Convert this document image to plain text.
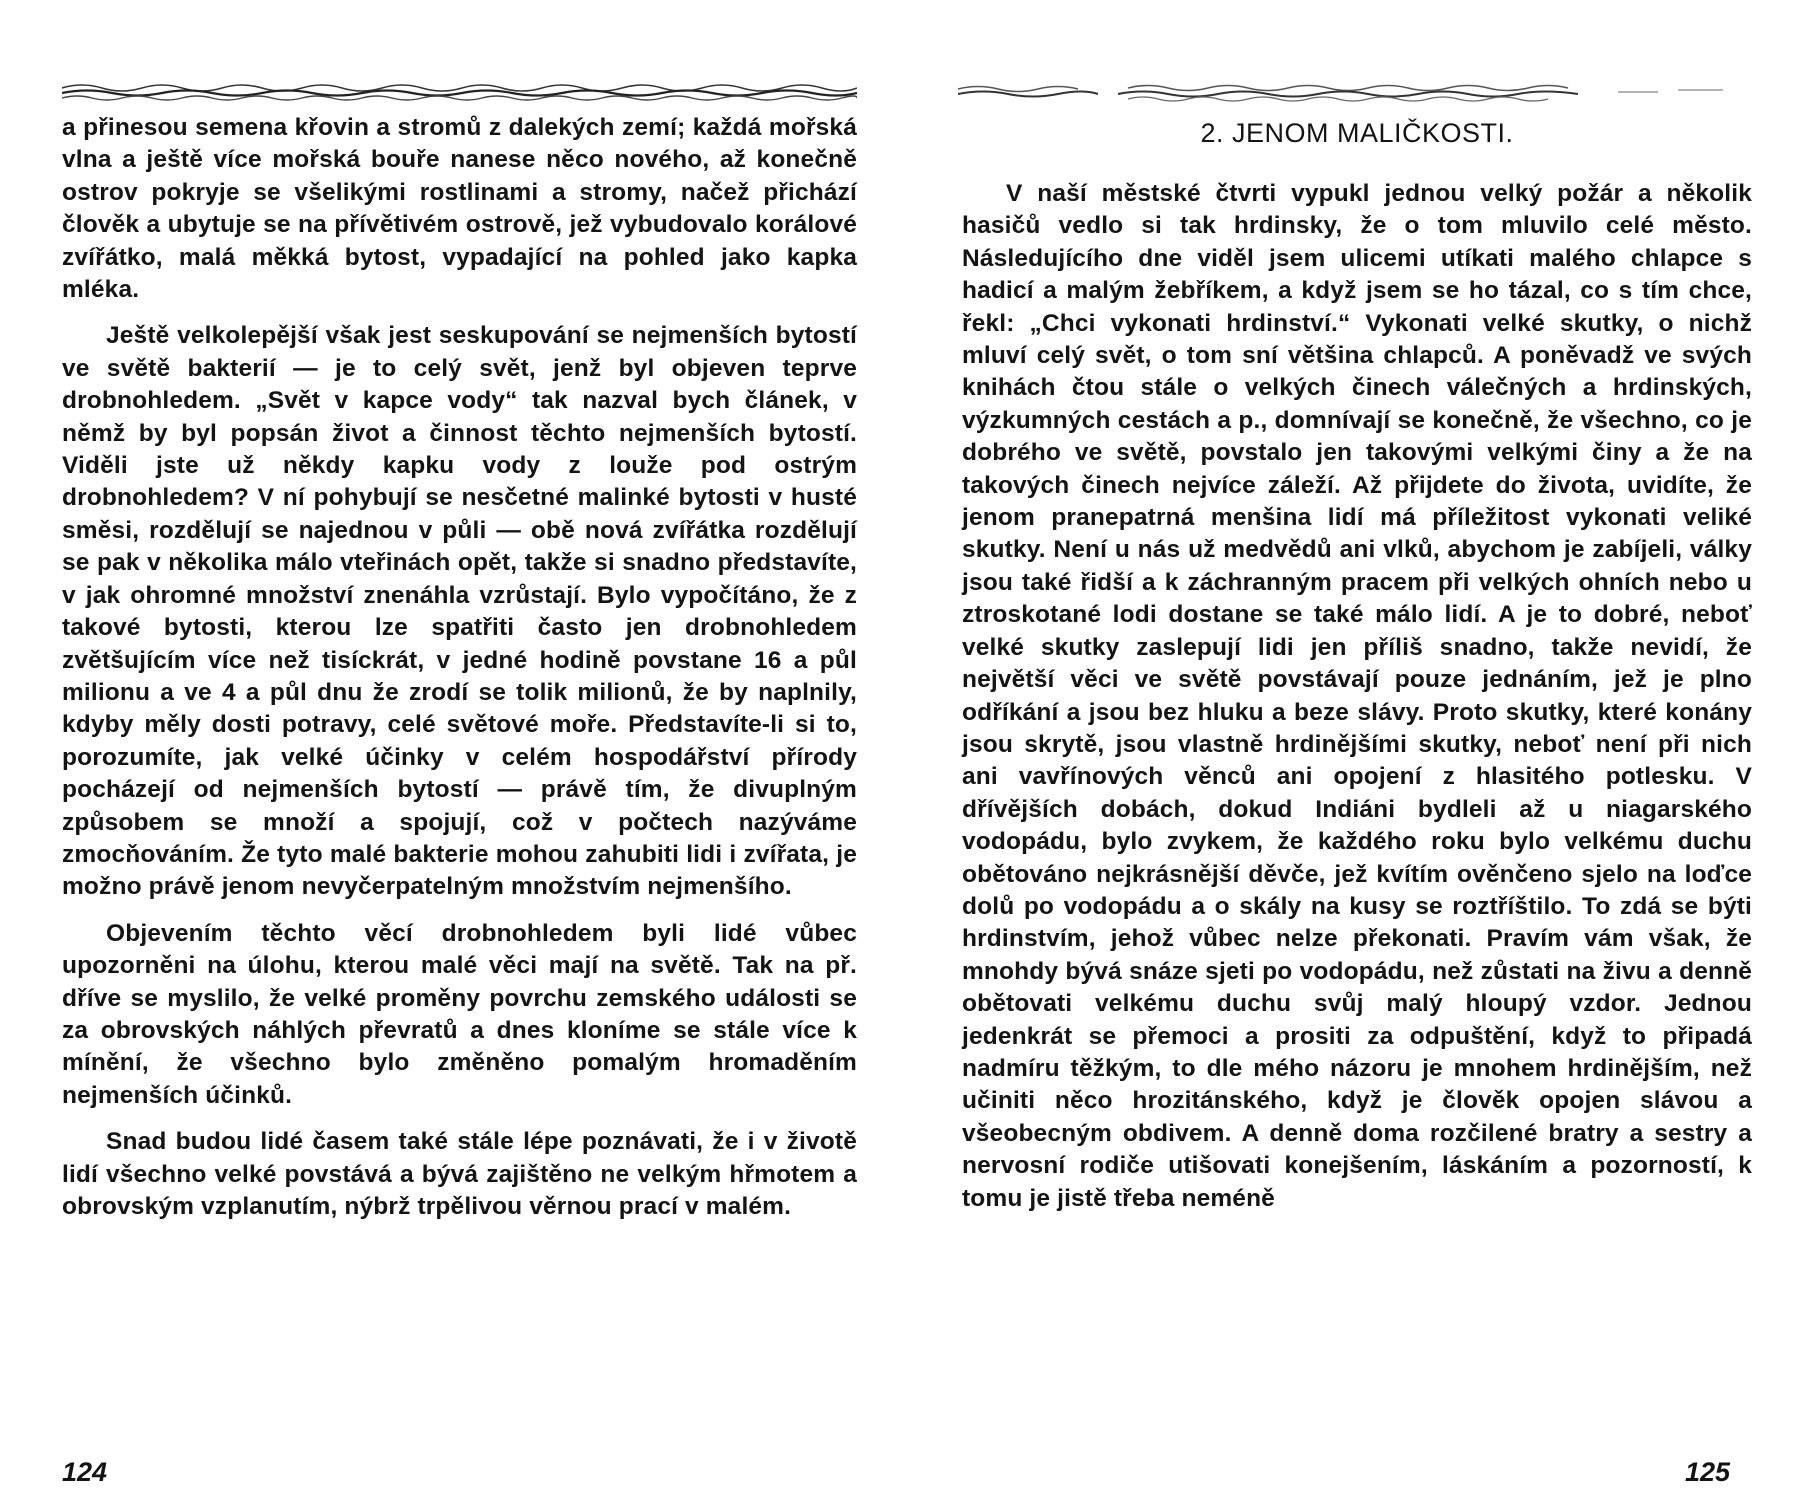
a přinesou semena křovin a stromů z dalekých zemí; každá mořská vlna a ještě více mořská bouře nanese něco nového, až konečně ostrov pokryje se všelikými rostlinami a stromy, načež přichází člověk a ubytuje se na přívětivém ostrově, jež vybudovalo korálové zvířátko, malá měkká bytost, vypadající na pohled jako kapka mléka.

Ještě velkolepější však jest seskupování se nejmenších bytostí ve světě bakterií — je to celý svět, jenž byl objeven teprve drobnohledem. „Svět v kapce vody“ tak nazval bych článek, v němž by byl popsán život a činnost těchto nejmenších bytostí. Viděli jste už někdy kapku vody z louže pod ostrým drobnohledem? V ní pohybují se nesčetné malinké bytosti v husté směsi, rozdělují se najednou v půli — obě nová zvířátka rozdělují se pak v několika málo vteřinách opět, takže si snadno představíte, v jak ohromné množství znenáhla vzrůstají. Bylo vypočítáno, že z takové bytosti, kterou lze spatřiti často jen drobnohledem zvětšujícím více než tisíckrát, v jedné hodině povstane 16 a půl milionu a ve 4 a půl dnu že zrodí se tolik milionů, že by naplnily, kdyby měly dosti potravy, celé světové moře. Představíte-li si to, porozumíte, jak velké účinky v celém hospodářství přírody pocházejí od nejmenších bytostí — právě tím, že divuplným způsobem se množí a spojují, což v počtech nazýváme zmocňováním. Že tyto malé bakterie mohou zahubiti lidi i zvířata, je možno právě jenom nevyčerpatelným množstvím nejmenšího.

Objevením těchto věcí drobnohledem byli lidé vůbec upozorněni na úlohu, kterou malé věci mají na světě. Tak na př. dříve se myslilo, že velké proměny povrchu zemského události se za obrovských náhlých převratů a dnes kloníme se stále více k mínění, že všechno bylo změněno pomalým hromaděním nejmenších účinků.

Snad budou lidé časem také stále lépe poznávati, že i v životě lidí všechno velké povstává a bývá zajištěno ne velkým hřmotem a obrovským vzplanutím, nýbrž trpělivou věrnou prací v malém.

124
2. JENOM MALIČKOSTI.

V naší městské čtvrti vypukl jednou velký požár a několik hasičů vedlo si tak hrdinsky, že o tom mluvilo celé město. Následujícího dne viděl jsem ulicemi utíkati malého chlapce s hadicí a malým žebříkem, a když jsem se ho tázal, co s tím chce, řekl: „Chci vykonati hrdinství.“ Vykonati velké skutky, o nichž mluví celý svět, o tom sní většina chlapců. A poněvadž ve svých knihách čtou stále o velkých činech válečných a hrdinských, výzkumných cestách a p., domnívají se konečně, že všechno, co je dobrého ve světě, povstalo jen takovými velkými činy a že na takových činech nejvíce záleží. Až přijdete do života, uvidíte, že jenom pranepatrná menšina lidí má příležitost vykonati veliké skutky. Není u nás už medvědů ani vlků, abychom je zabíjeli, války jsou také řidší a k záchranným pracem při velkých ohních nebo u ztroskotané lodi dostane se také málo lidí. A je to dobré, neboť velké skutky zaslepují lidi jen příliš snadno, takže nevidí, že největší věci ve světě povstávají pouze jednáním, jež je plno odříkání a jsou bez hluku a beze slávy. Proto skutky, které konány jsou skrytě, jsou vlastně hrdinějšími skutky, neboť není při nich ani vavřínových věnců ani opojení z hlasitého potlesku. V dřívějších dobách, dokud Indiáni bydleli až u niagarského vodopádu, bylo zvykem, že každého roku bylo velkému duchu obětováno nejkrásnější děvče, jež kvítím ověnčeno sjelo na loďce dolů po vodopádu a o skály na kusy se roztříštilo. To zdá se býti hrdinstvím, jehož vůbec nelze překonati. Pravím vám však, že mnohdy bývá snáze sjeti po vodopádu, než zůstati na živu a denně obětovati velkému duchu svůj malý hloupý vzdor. Jednou jedenkrát se přemoci a prositi za odpuštění, když to připadá nadmíru těžkým, to dle mého názoru je mnohem hrdinějším, než učiniti něco hrozitánského, když je člověk opojen slávou a všeobecným obdivem. A denně doma rozčilené bratry a sestry a nervosní rodiče utišovati konejšením, láskáním a pozorností, k tomu je jistě třeba neméně

125
